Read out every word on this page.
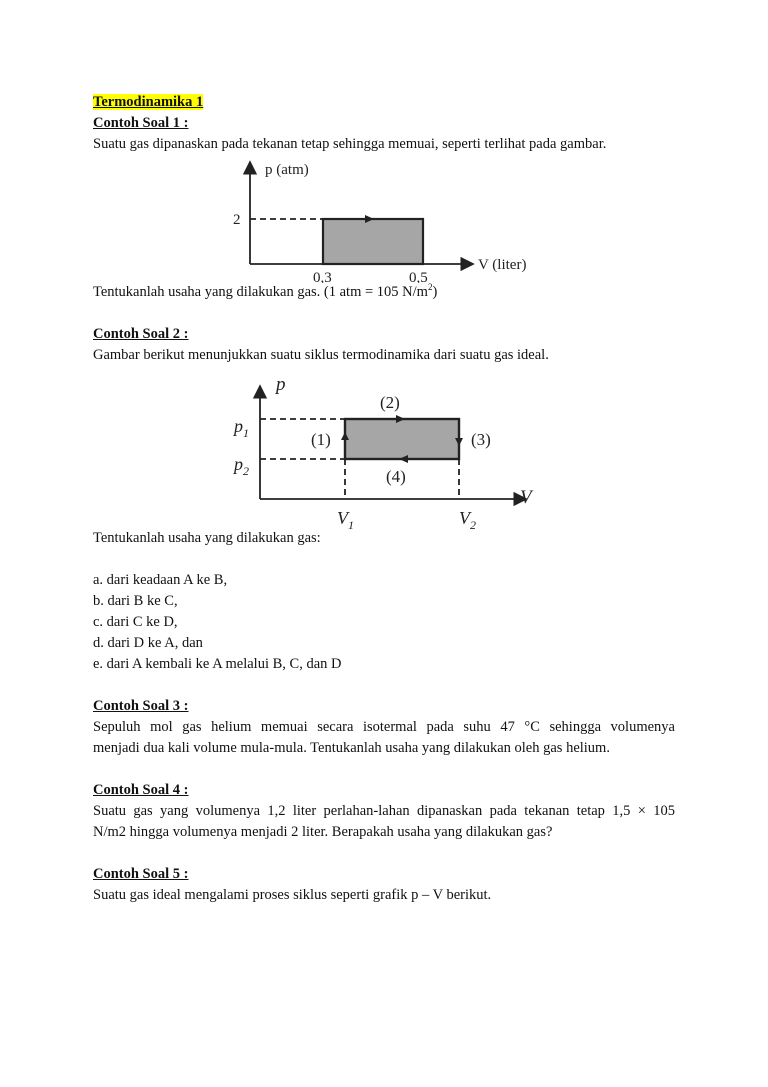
Termodinamika 1

Contoh Soal 1 :

Suatu gas dipanaskan pada tekanan tetap sehingga memuai, seperti terlihat pada gambar.

Tentukanlah usaha yang dilakukan gas. (1 atm = 105 $N/m^2$)

Contoh Soal 2 :

Gambar berikut menunjukkan suatu siklus termodinamika dari suatu gas ideal.

Tentukanlah usaha yang dilakukan gas:

a. dari keadaan A ke B,

b. dari B ke C,

c. dari C ke D,

d. dari D ke A, dan

e. dari A kembali ke A melalui B, C, dan D

Contoh Soal 3 :

Sepuluh mol gas helium memuai secara isotermal pada suhu 47 °C sehingga volumenya

menjadi dua kali volume mula-mula. Tentukanlah usaha yang dilakukan oleh gas helium.

Contoh Soal 4 :

Suatu gas yang volumenya 1,2 liter perlahan-lahan dipanaskan pada tekanan tetap 1,5 × 105

N/m2 hingga volumenya menjadi 2 liter. Berapakah usaha yang dilakukan gas?

Contoh Soal 5 :

Suatu gas ideal mengalami proses siklus seperti grafik p – V berikut.

p (atm)
V (liter)
2
0,3	0,5
p
V
$p_1$
$p_2$
$V_1$	$V_2$
(1)
(2)
(3)
(4)
